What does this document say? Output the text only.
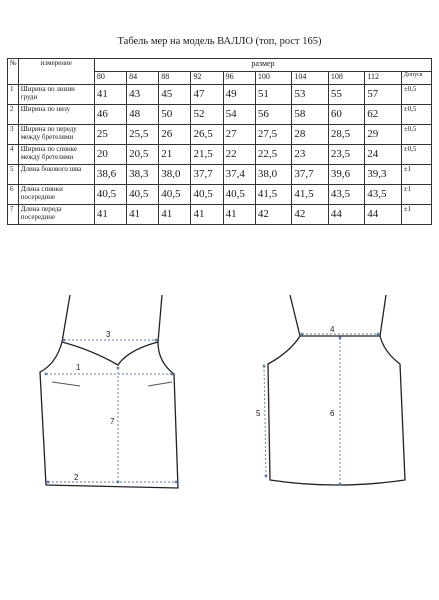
Табель мер на модель ВАЛЛО (топ, рост 165)
№	измерение	размер									
		80	84	88	92	96	100	104	108	112	Допуск
1	Ширина по линии груди	41	43	45	47	49	51	53	55	57	±0,5
2	Ширина по низу	46	48	50	52	54	56	58	60	62	±0,5
3	Ширина по переду между бретелями	25	25,5	26	26,5	27	27,5	28	28,5	29	±0,5
4	Ширина по спинке между бретелями	20	20,5	21	21,5	22	22,5	23	23,5	24	±0,5
5	Длина бокового шва	38,6	38,3	38,0	37,7	37,4	38,0	37,7	39,6	39,3	±1
6	Длина спинки посередине	40,5	40,5	40,5	40,5	40,5	41,5	41,5	43,5	43,5	±1
7	Длина переда посередине	41	41	41	41	41	42	42	44	44	±1
3
1
7
2
4
5	6
